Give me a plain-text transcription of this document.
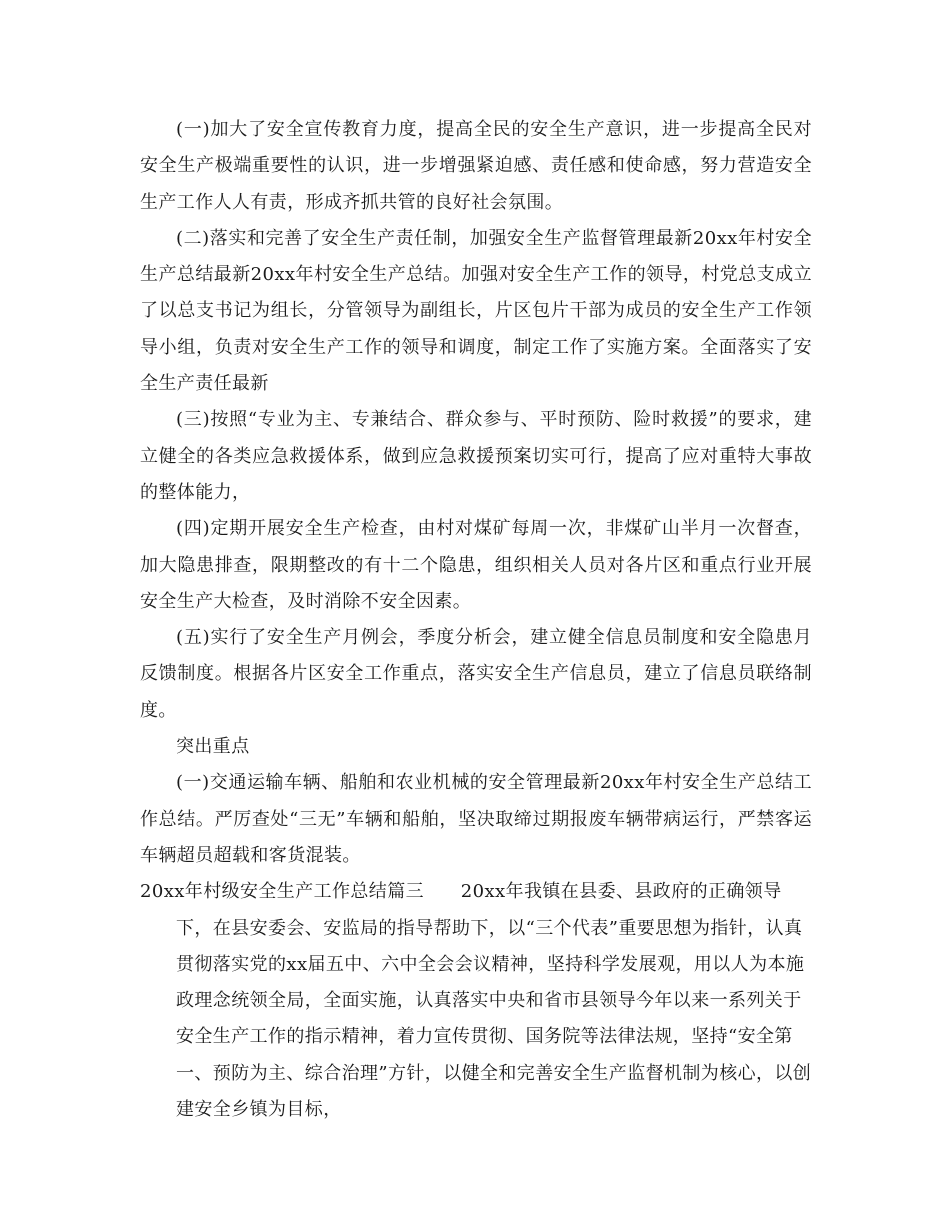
(一)加大了安全宣传教育力度，提高全民的安全生产意识，进一步提高全民对安全生产极端重要性的认识，进一步增强紧迫感、责任感和使命感，努力营造安全生产工作人人有责，形成齐抓共管的良好社会氛围。

(二)落实和完善了安全生产责任制，加强安全生产监督管理最新20xx年村安全生产总结最新20xx年村安全生产总结。加强对安全生产工作的领导，村党总支成立了以总支书记为组长，分管领导为副组长，片区包片干部为成员的安全生产工作领导小组，负责对安全生产工作的领导和调度，制定工作了实施方案。全面落实了安全生产责任最新

(三)按照“专业为主、专兼结合、群众参与、平时预防、险时救援”的要求，建立健全的各类应急救援体系，做到应急救援预案切实可行，提高了应对重特大事故的整体能力，

(四)定期开展安全生产检查，由村对煤矿每周一次，非煤矿山半月一次督查，加大隐患排查，限期整改的有十二个隐患，组织相关人员对各片区和重点行业开展安全生产大检查，及时消除不安全因素。

(五)实行了安全生产月例会，季度分析会，建立健全信息员制度和安全隐患月反馈制度。根据各片区安全工作重点，落实安全生产信息员，建立了信息员联络制度。

突出重点

(一)交通运输车辆、船舶和农业机械的安全管理最新20xx年村安全生产总结工作总结。严厉查处“三无”车辆和船舶，坚决取缔过期报废车辆带病运行，严禁客运车辆超员超载和客货混装。

20xx年村级安全生产工作总结篇三　　20xx年我镇在县委、县政府的正确领导下，在县安委会、安监局的指导帮助下，以“三个代表”重要思想为指针，认真贯彻落实党的xx届五中、六中全会会议精神，坚持科学发展观，用以人为本施政理念统领全局，全面实施，认真落实中央和省市县领导今年以来一系列关于安全生产工作的指示精神，着力宣传贯彻、国务院等法律法规，坚持“安全第一、预防为主、综合治理”方针，以健全和完善安全生产监督机制为核心，以创建安全乡镇为目标，
